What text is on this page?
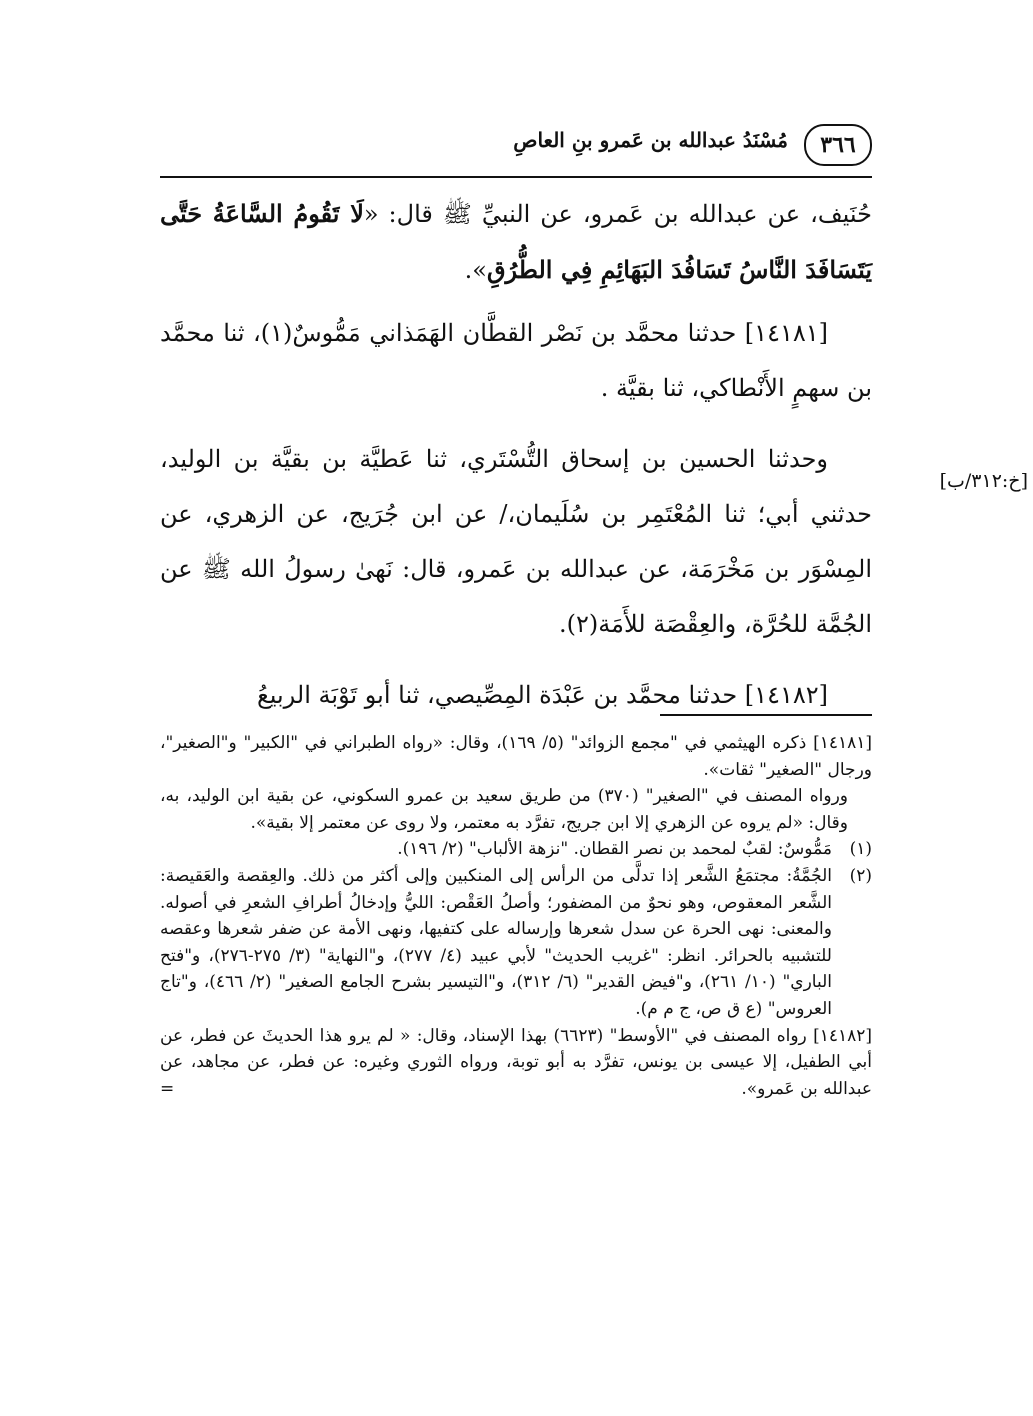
٣٦٦
مُسْنَدُ عبدالله بن عَمرو بنِ العاصِ

حُنَيف، عن عبدالله بن عَمرو، عن النبيِّ ﷺ قال: «لَا تَقُومُ السَّاعَةُ حَتَّى يَتَسَافَدَ النَّاسُ تَسَافُدَ البَهَائِمِ فِي الطُّرُقِ».

[١٤١٨١] حدثنا محمَّد بن نَصْر القطَّان الهَمَذاني مَمُّوسٌ(١)، ثنا محمَّد بن سهمٍ الأَنْطاكي، ثنا بقيَّة .

وحدثنا الحسين بن إسحاق التُّسْتَري، ثنا عَطيَّة بن بقيَّة بن الوليد، حدثني أبي؛ ثنا المُعْتَمِر بن سُلَيمان،/ عن ابن جُرَيج، عن الزهري، عن المِسْوَر بن مَخْرَمَة، عن عبدالله بن عَمرو، قال: نَهىٰ رسولُ الله ﷺ عن الجُمَّة للحُرَّة، والعِقْصَة للأَمَة(٢).

[١٤١٨٢] حدثنا محمَّد بن عَبْدَة المِصِّيصي، ثنا أبو تَوْبَة الربيعُ

[خ:٣١٢/ب]

[١٤١٨١] ذكره الهيثمي في "مجمع الزوائد" (٥/ ١٦٩)، وقال: «رواه الطبراني في "الكبير" و"الصغير"، ورجال "الصغير" ثقات».

ورواه المصنف في "الصغير" (٣٧٠) من طريق سعيد بن عمرو السكوني، عن بقية ابن الوليد، به، وقال: «لم يروه عن الزهري إلا ابن جريج، تفرَّد به معتمر، ولا روى عن معتمر إلا بقية».

(١)
مَمُّوسٌ: لقبٌ لمحمد بن نصر القطان. "نزهة الألباب" (٢/ ١٩٦).

(٢)
الجُمَّةُ: مجتمَعُ الشَّعر إذا تدلَّى من الرأس إلى المنكبين وإلى أكثر من ذلك. والعِقصة والعَقيصة: الشَّعر المعقوص، وهو نحوٌ من المضفور؛ وأصلُ العَقْص: الليُّ وإدخالُ أطرافِ الشعرِ في أصوله. والمعنى: نهى الحرة عن سدل شعرها وإرساله على كتفيها، ونهى الأمة عن ضفر شعرها وعقصه للتشبيه بالحرائر. انظر: "غريب الحديث" لأبي عبيد (٤/ ٢٧٧)، و"النهاية" (٣/ ٢٧٥-٢٧٦)، و"فتح الباري" (١٠/ ٢٦١)، و"فيض القدير" (٦/ ٣١٢)، و"التيسير بشرح الجامع الصغير" (٢/ ٤٦٦)، و"تاج العروس" (ع ق ص، ج م م).

[١٤١٨٢] رواه المصنف في "الأوسط" (٦٦٢٣) بهذا الإسناد، وقال: « لم يرو هذا الحديثَ عن فطر، عن أبي الطفيل، إلا عيسى بن يونس، تفرَّد به أبو توبة، ورواه الثوري وغيره: عن فطر، عن مجاهد، عن عبدالله بن عَمرو».
=
